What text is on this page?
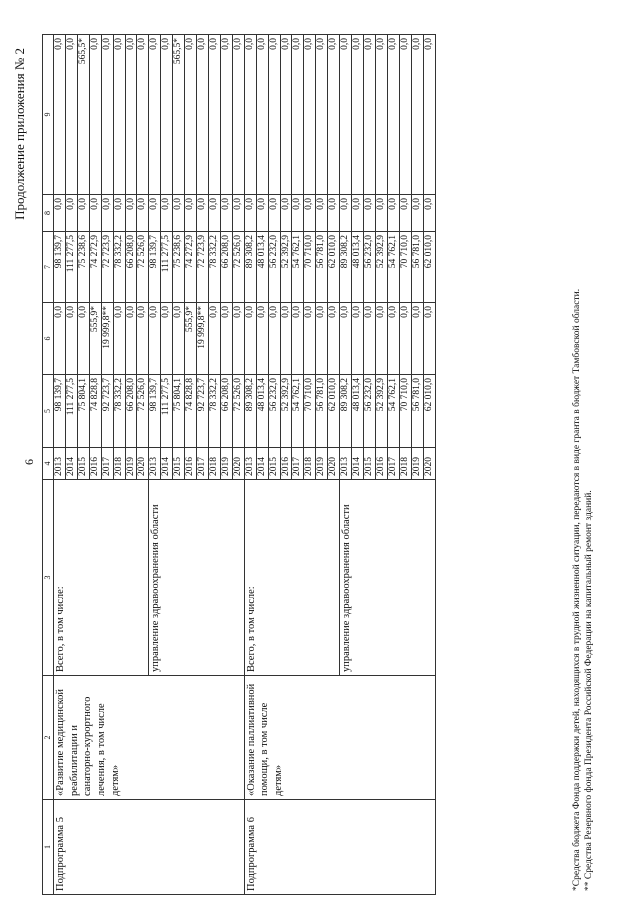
6
Продолжение приложения № 2
1	2	3	4	5	6	7	8	9
Подпрограмма 5	«Развитие медицинской реабилитации и санаторно-курортного лечения, в том числе детям»	Всего, в том числе:	2013	98 139,7	0,0	98 139,7	0,0	0,0
			2014	111 277,5	0,0	111 277,5	0,0	0,0
			2015	75 804,1	0,0	75 238,6	0,0	565,5*
			2016	74 828,8	555,9*	74 272,9	0,0	0,0
			2017	92 723,7	19 999,8**	72 723,9	0,0	0,0
			2018	78 332,2	0,0	78 332,2	0,0	0,0
			2019	66 208,0	0,0	66 208,0	0,0	0,0
			2020	72 526,0	0,0	72 526,0	0,0	0,0
		управление здравоохранения области	2013	98 139,7	0,0	98 139,7	0,0	0,0
			2014	111 277,5	0,0	111 277,5	0,0	0,0
			2015	75 804,1	0,0	75 238,6	0,0	565,5*
			2016	74 828,8	555,9*	74 272,9	0,0	0,0
			2017	92 723,7	19 999,8**	72 723,9	0,0	0,0
			2018	78 332,2	0,0	78 332,2	0,0	0,0
			2019	66 208,0	0,0	66 208,0	0,0	0,0
			2020	72 526,0	0,0	72 526,0	0,0	0,0
Подпрограмма 6	«Оказание паллиативной помощи, в том числе детям»	Всего, в том числе:	2013	89 308,2	0,0	89 308,2	0,0	0,0
			2014	48 013,4	0,0	48 013,4	0,0	0,0
			2015	56 232,0	0,0	56 232,0	0,0	0,0
			2016	52 392,9	0,0	52 392,9	0,0	0,0
			2017	54 762,1	0,0	54 762,1	0,0	0,0
			2018	70 710,0	0,0	70 710,0	0,0	0,0
			2019	56 781,0	0,0	56 781,0	0,0	0,0
			2020	62 010,0	0,0	62 010,0	0,0	0,0
		управление здравоохранения области	2013	89 308,2	0,0	89 308,2	0,0	0,0
			2014	48 013,4	0,0	48 013,4	0,0	0,0
			2015	56 232,0	0,0	56 232,0	0,0	0,0
			2016	52 392,9	0,0	52 392,9	0,0	0,0
			2017	54 762,1	0,0	54 762,1	0,0	0,0
			2018	70 710,0	0,0	70 710,0	0,0	0,0
			2019	56 781,0	0,0	56 781,0	0,0	0,0
			2020	62 010,0	0,0	62 010,0	0,0	0,0
*Средства бюджета Фонда поддержки детей, находящихся в трудной жизненной ситуации, передаются в виде гранта в бюджет Тамбовской области. ** Средства Резервного фонда Президента Российской Федерации на капитальный ремонт зданий.
